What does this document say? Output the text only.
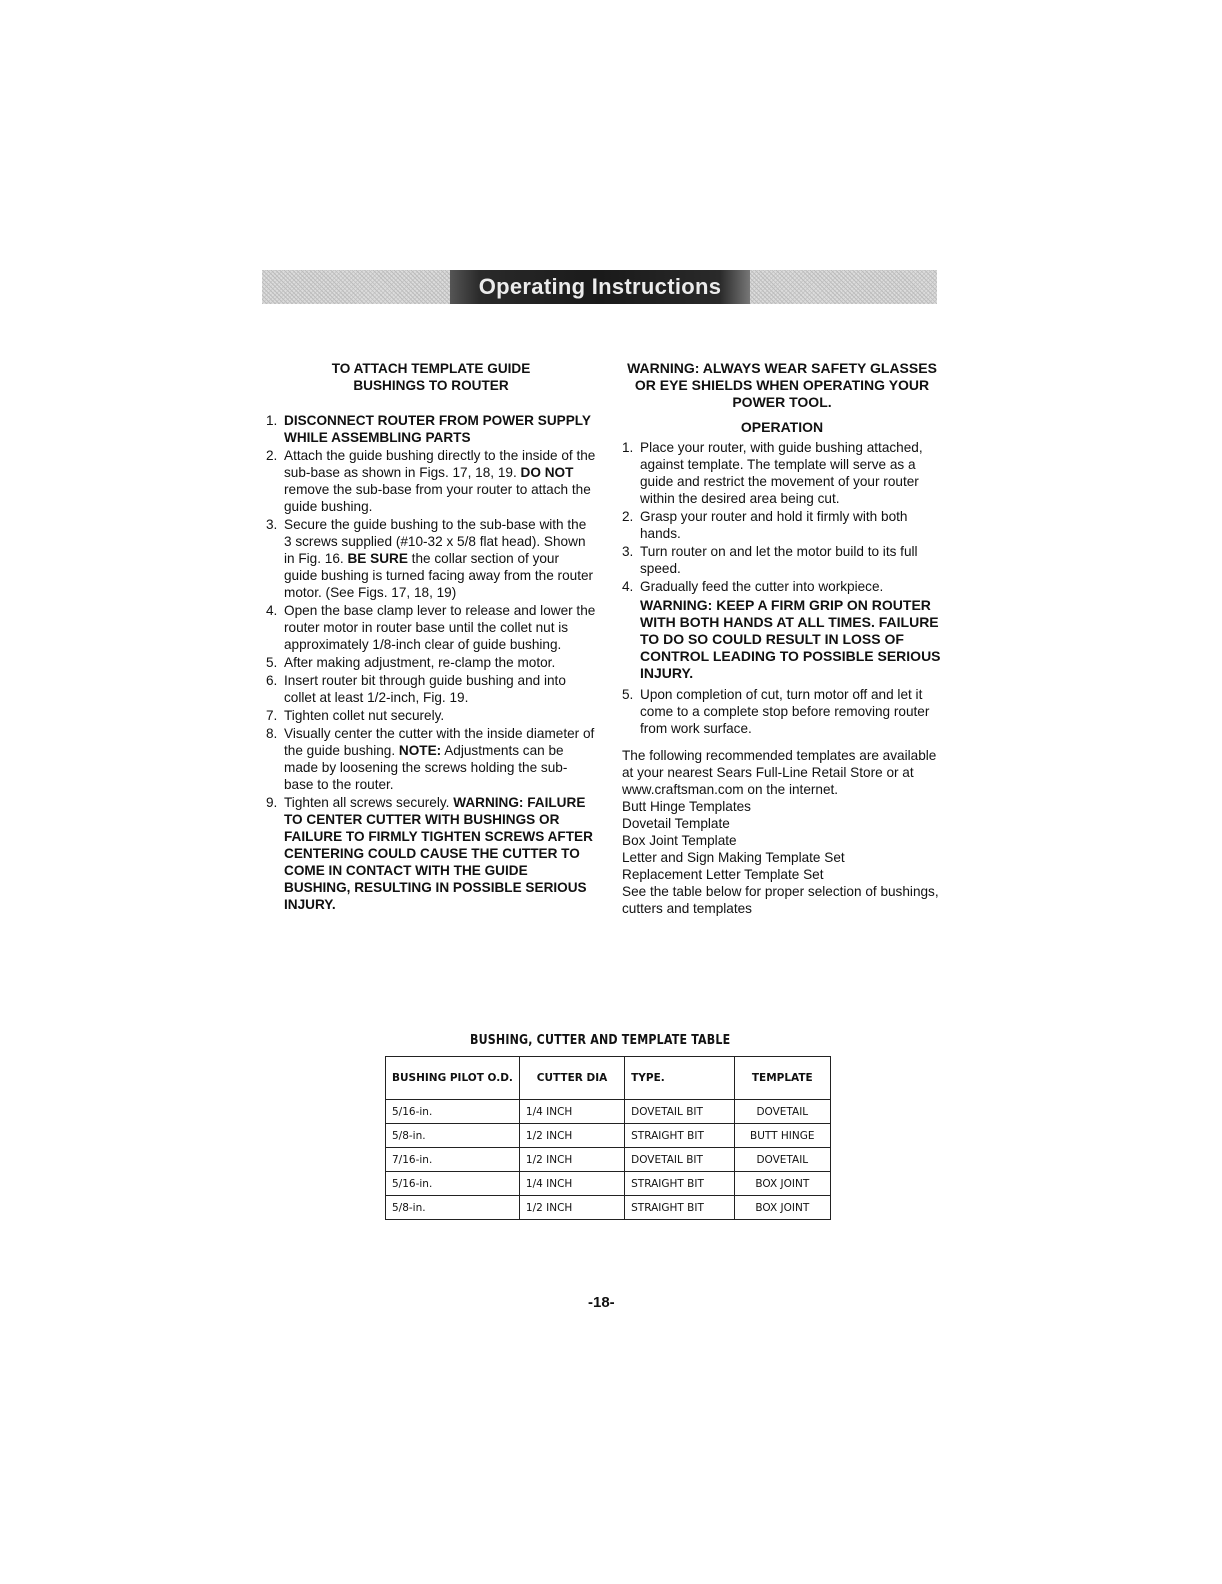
Operating Instructions
TO ATTACH TEMPLATE GUIDE
BUSHINGS TO ROUTER
1. DISCONNECT ROUTER FROM POWER SUPPLY WHILE ASSEMBLING PARTS
2. Attach the guide bushing directly to the inside of the sub-base as shown in Figs. 17, 18, 19. DO NOT remove the sub-base from your router to attach the guide bushing.
3. Secure the guide bushing to the sub-base with the 3 screws supplied (#10-32 x 5/8 flat head). Shown in Fig. 16. BE SURE the collar section of your guide bushing is turned facing away from the router motor. (See Figs. 17, 18, 19)
4. Open the base clamp lever to release and lower the router motor in router base until the collet nut is approximately 1/8-inch clear of guide bushing.
5. After making adjustment, re-clamp the motor.
6. Insert router bit through guide bushing and into collet at least 1/2-inch, Fig. 19.
7. Tighten collet nut securely.
8. Visually center the cutter with the inside diameter of the guide bushing. NOTE: Adjustments can be made by loosening the screws holding the sub-base to the router.
9. Tighten all screws securely. WARNING: FAILURE TO CENTER CUTTER WITH BUSHINGS OR FAILURE TO FIRMLY TIGHTEN SCREWS AFTER CENTERING COULD CAUSE THE CUTTER TO COME IN CONTACT WITH THE GUIDE BUSHING, RESULTING IN POSSIBLE SERIOUS INJURY.
WARNING: ALWAYS WEAR SAFETY GLASSES OR EYE SHIELDS WHEN OPERATING YOUR POWER TOOL.
OPERATION
1. Place your router, with guide bushing attached, against template. The template will serve as a guide and restrict the movement of your router within the desired area being cut.
2. Grasp your router and hold it firmly with both hands.
3. Turn router on and let the motor build to its full speed.
4. Gradually feed the cutter into workpiece.
WARNING: KEEP A FIRM GRIP ON ROUTER WITH BOTH HANDS AT ALL TIMES. FAILURE TO DO SO COULD RESULT IN LOSS OF CONTROL LEADING TO POSSIBLE SERIOUS INJURY.
5. Upon completion of cut, turn motor off and let it come to a complete stop before removing router from work surface.
The following recommended templates are available at your nearest Sears Full-Line Retail Store or at www.craftsman.com on the internet.
Butt Hinge Templates
Dovetail Template
Box Joint Template
Letter and Sign Making Template Set
Replacement Letter Template Set
See the table below for proper selection of bushings, cutters and templates
BUSHING, CUTTER AND TEMPLATE TABLE
BUSHING PILOT O.D.	CUTTER DIA	TYPE.	TEMPLATE
5/16-in.	1/4 INCH	DOVETAIL BIT	DOVETAIL
5/8-in.	1/2 INCH	STRAIGHT BIT	BUTT HINGE
7/16-in.	1/2 INCH	DOVETAIL BIT	DOVETAIL
5/16-in.	1/4 INCH	STRAIGHT BIT	BOX JOINT
5/8-in.	1/2 INCH	STRAIGHT BIT	BOX JOINT
-18-
